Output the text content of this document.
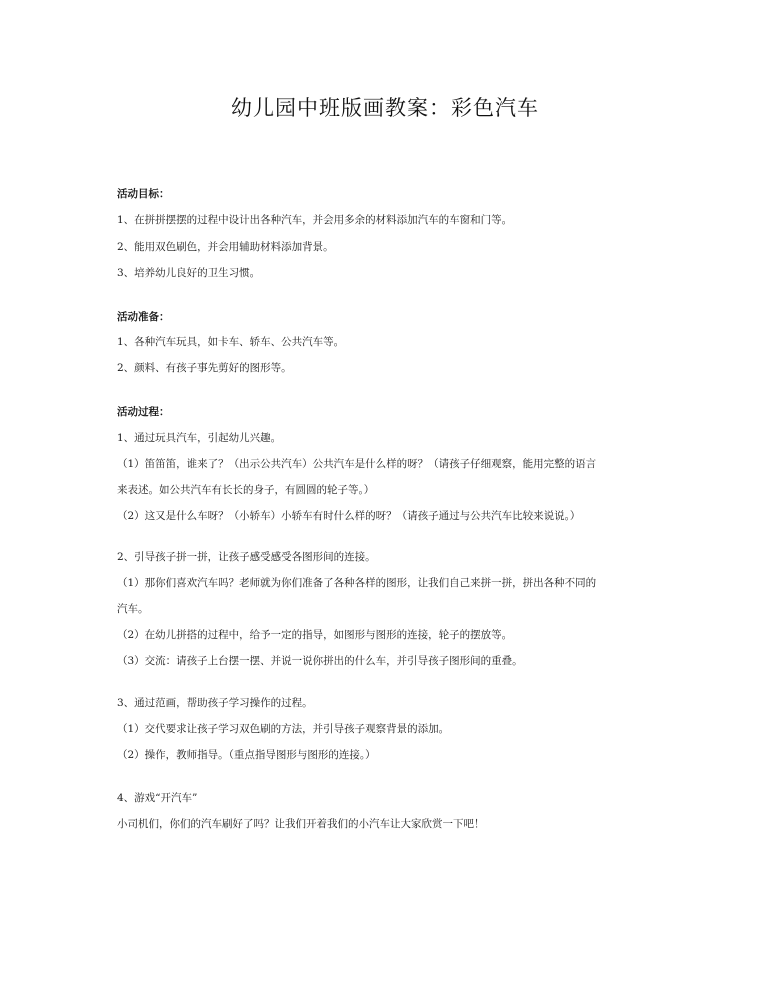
幼儿园中班版画教案：彩色汽车

活动目标：

1、在拼拼摆摆的过程中设计出各种汽车，并会用多余的材料添加汽车的车窗和门等。

2、能用双色刷色，并会用辅助材料添加背景。

3、培养幼儿良好的卫生习惯。

活动准备：

1、各种汽车玩具，如卡车、轿车、公共汽车等。

2、颜料、有孩子事先剪好的图形等。

活动过程：

1、通过玩具汽车，引起幼儿兴趣。

（1）笛笛笛，谁来了？（出示公共汽车）公共汽车是什么样的呀？（请孩子仔细观察，能用完整的语言

来表述。如公共汽车有长长的身子，有圆圆的轮子等。）

（2）这又是什么车呀？（小轿车）小轿车有时什么样的呀？（请孩子通过与公共汽车比较来说说。）

2、引导孩子拼一拼，让孩子感受感受各图形间的连接。

（1）那你们喜欢汽车吗？老师就为你们准备了各种各样的图形，让我们自己来拼一拼，拼出各种不同的

汽车。

（2）在幼儿拼搭的过程中，给予一定的指导，如图形与图形的连接，轮子的摆放等。

（3）交流：请孩子上台摆一摆、并说一说你拼出的什么车，并引导孩子图形间的重叠。

3、通过范画，帮助孩子学习操作的过程。

（1）交代要求让孩子学习双色刷的方法，并引导孩子观察背景的添加。

（2）操作，教师指导。（重点指导图形与图形的连接。）

4、游戏“开汽车”

小司机们，你们的汽车刷好了吗？让我们开着我们的小汽车让大家欣赏一下吧！
